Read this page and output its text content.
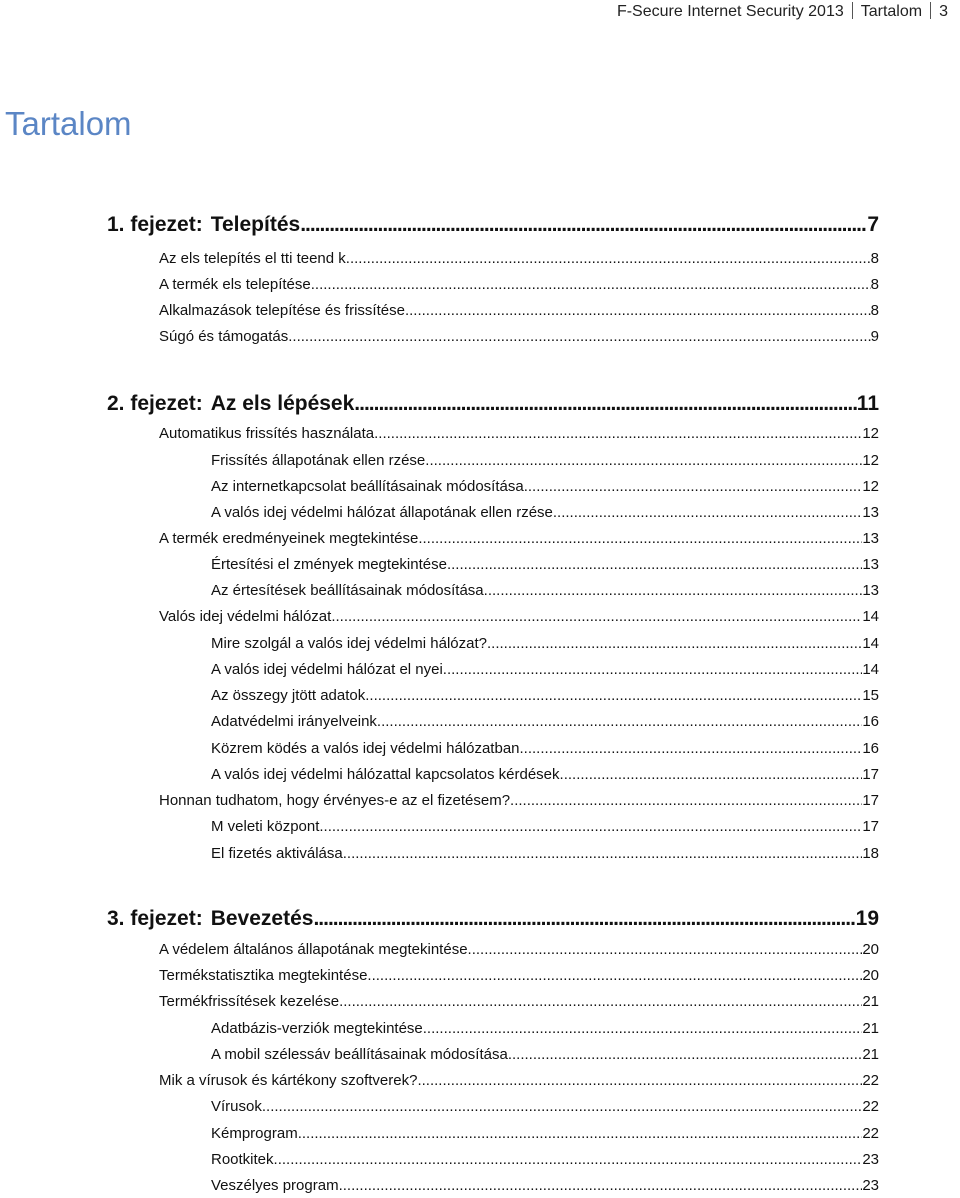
F-Secure Internet Security 2013 Tartalom 3
Tartalom
1. fejezet: Telepítés .....	7
Az els telepítés el tti teend k .....	8
A termék els telepítése .....	8
Alkalmazások telepítése és frissítése .....	8
Súgó és támogatás .....	9
2. fejezet: Az els lépések .....	11
Automatikus frissítés használata .....	12
Frissítés állapotának ellen rzése .....	12
Az internetkapcsolat beállításainak módosítása .....	12
A valós idej védelmi hálózat állapotának ellen rzése .....	13
A termék eredményeinek megtekintése .....	13
Értesítési el zmények megtekintése .....	13
Az értesítések beállításainak módosítása .....	13
Valós idej védelmi hálózat .....	14
Mire szolgál a valós idej védelmi hálózat? .....	14
A valós idej védelmi hálózat el nyei .....	14
Az összegy jtött adatok .....	15
Adatvédelmi irányelveink .....	16
Közrem ködés a valós idej védelmi hálózatban .....	16
A valós idej védelmi hálózattal kapcsolatos kérdések .....	17
Honnan tudhatom, hogy érvényes-e az el fizetésem? .....	17
M veleti központ .....	17
El fizetés aktiválása .....	18
3. fejezet: Bevezetés .....	19
A védelem általános állapotának megtekintése .....	20
Termékstatisztika megtekintése .....	20
Termékfrissítések kezelése .....	21
Adatbázis-verziók megtekintése .....	21
A mobil szélessáv beállításainak módosítása .....	21
Mik a vírusok és kártékony szoftverek? .....	22
Vírusok .....	22
Kémprogram .....	22
Rootkitek .....	23
Veszélyes program .....	23
